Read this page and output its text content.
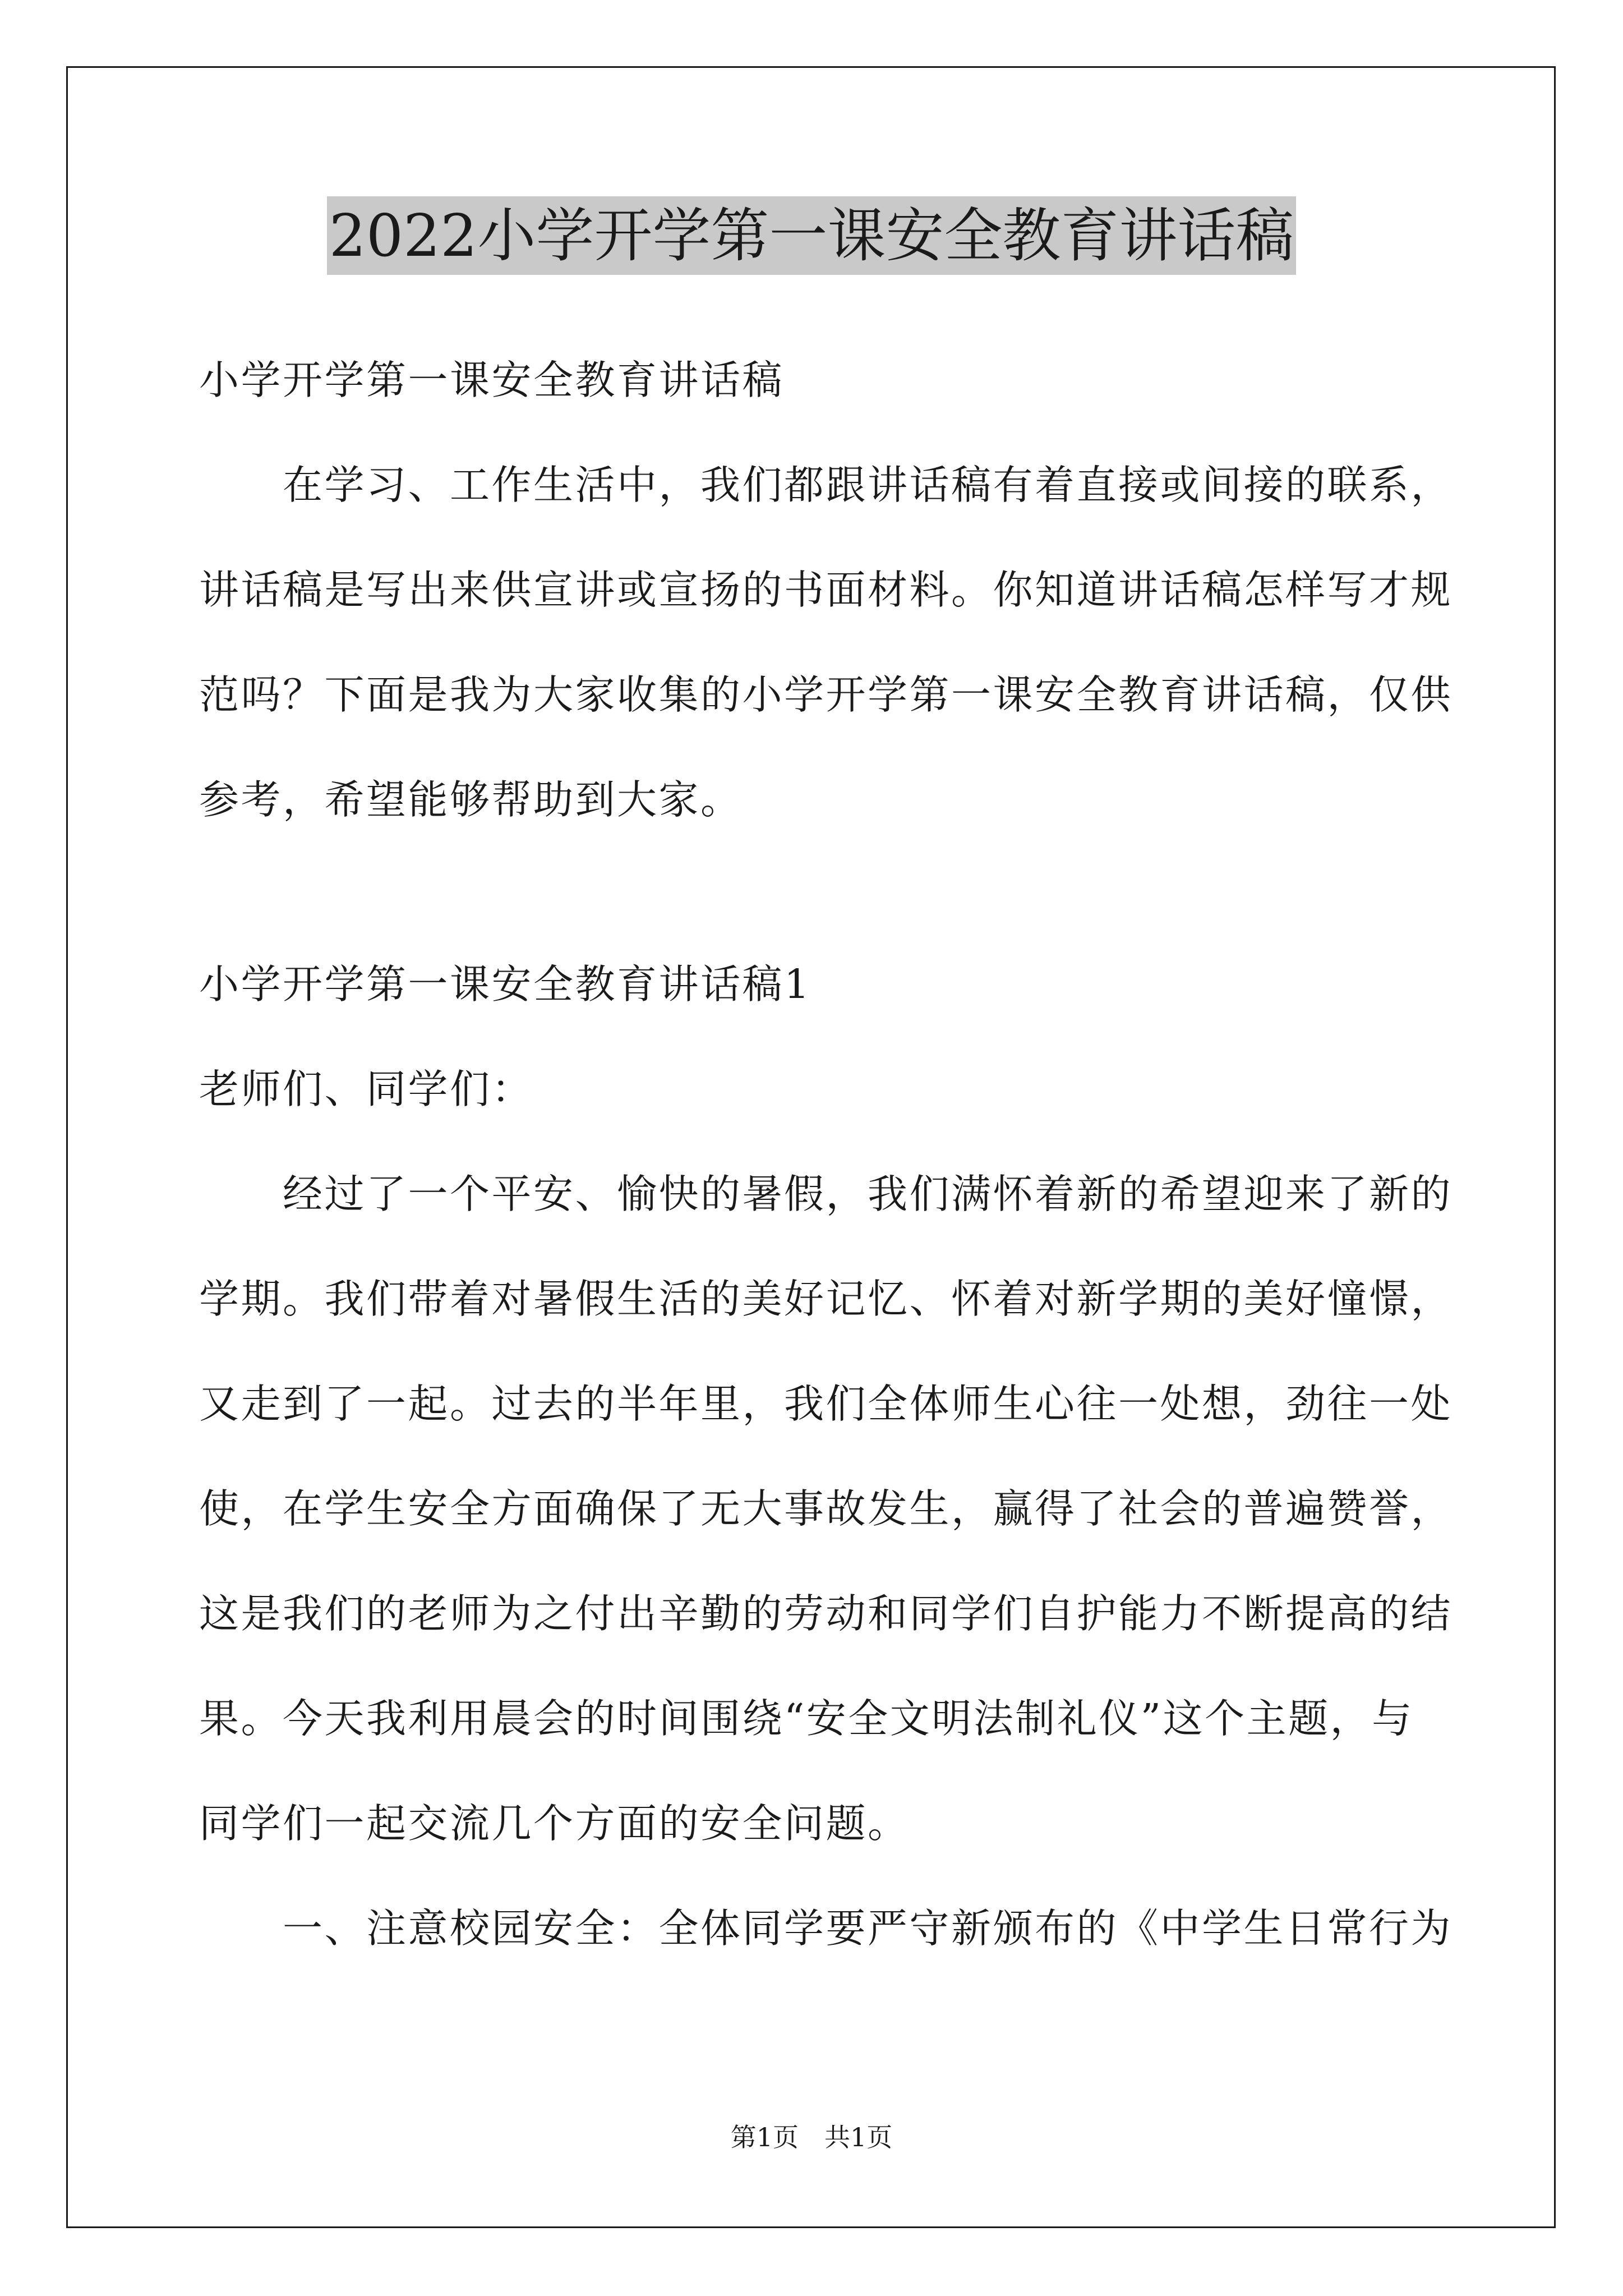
2022小学开学第一课安全教育讲话稿
小学开学第一课安全教育讲话稿
　　在学习、工作生活中，我们都跟讲话稿有着直接或间接的联系，
讲话稿是写出来供宣讲或宣扬的书面材料。你知道讲话稿怎样写才规
范吗？下面是我为大家收集的小学开学第一课安全教育讲话稿，仅供
参考，希望能够帮助到大家。
小学开学第一课安全教育讲话稿1
老师们、同学们：
　　经过了一个平安、愉快的暑假，我们满怀着新的希望迎来了新的
学期。我们带着对暑假生活的美好记忆、怀着对新学期的美好憧憬，
又走到了一起。过去的半年里，我们全体师生心往一处想，劲往一处
使，在学生安全方面确保了无大事故发生，赢得了社会的普遍赞誉，
这是我们的老师为之付出辛勤的劳动和同学们自护能力不断提高的结
果。今天我利用晨会的时间围绕“安全文明法制礼仪”这个主题，与
同学们一起交流几个方面的安全问题。
　　一、注意校园安全：全体同学要严守新颁布的《中学生日常行为
第1页　共1页
